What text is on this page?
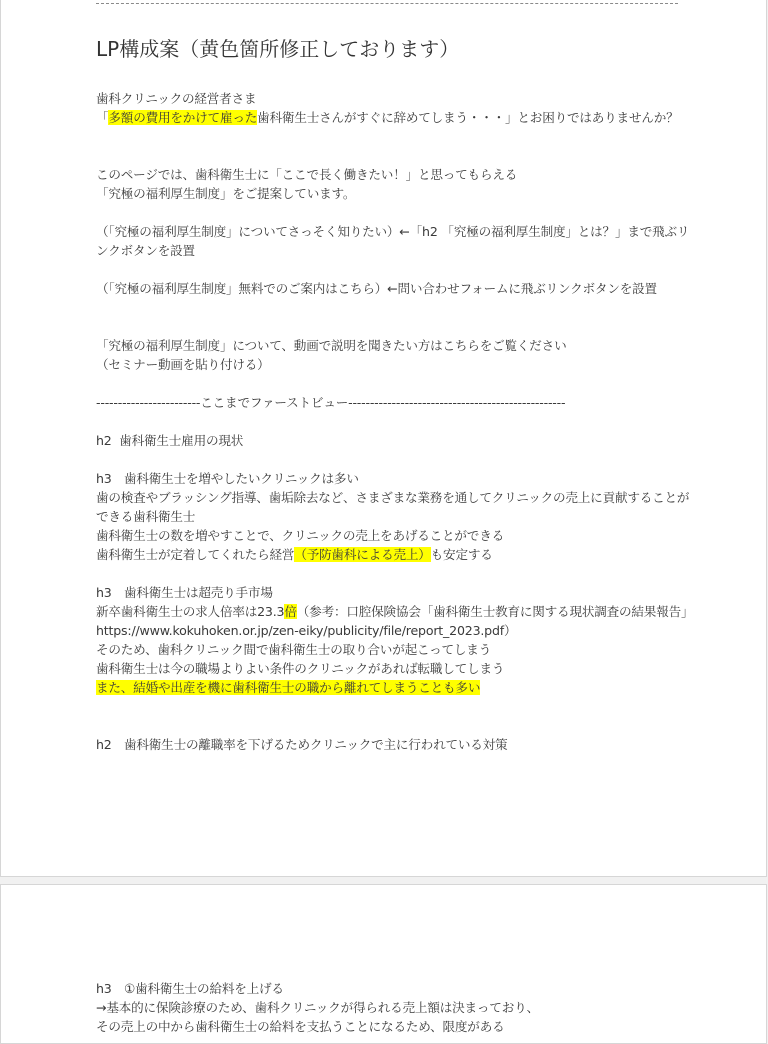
LP構成案（黄色箇所修正しております）
歯科クリニックの経営者さま
「多額の費用をかけて雇った歯科衛生士さんがすぐに辞めてしまう・・・」とお困りではありませんか？
このページでは、歯科衛生士に「ここで長く働きたい！」と思ってもらえる
「究極の福利厚生制度」をご提案しています。
（「究極の福利厚生制度」についてさっそく知りたい）←「h2 「究極の福利厚生制度」とは？」まで飛ぶリンクボタンを設置
（「究極の福利厚生制度」無料でのご案内はこちら）←問い合わせフォームに飛ぶリンクボタンを設置
「究極の福利厚生制度」について、動画で説明を聞きたい方はこちらをご覧ください
（セミナー動画を貼り付ける）
------------------------ここまでファーストビュー--------------------------------------------------
h2  歯科衛生士雇用の現状
h3　歯科衛生士を増やしたいクリニックは多い
歯の検査やブラッシング指導、歯垢除去など、さまざまな業務を通してクリニックの売上に貢献することができる歯科衛生士
歯科衛生士の数を増やすことで、クリニックの売上をあげることができる
歯科衛生士が定着してくれたら経営（予防歯科による売上）も安定する
h3　歯科衛生士は超売り手市場
新卒歯科衛生士の求人倍率は23.3倍（参考：口腔保険協会「歯科衛生士教育に関する現状調査の結果報告」https://www.kokuhoken.or.jp/zen-eiky/publicity/file/report_2023.pdf）
そのため、歯科クリニック間で歯科衛生士の取り合いが起こってしまう
歯科衛生士は今の職場よりよい条件のクリニックがあれば転職してしまう
また、結婚や出産を機に歯科衛生士の職から離れてしまうことも多い
h2　歯科衛生士の離職率を下げるためクリニックで主に行われている対策
h3　①歯科衛生士の給料を上げる
→基本的に保険診療のため、歯科クリニックが得られる売上額は決まっており、
その売上の中から歯科衛生士の給料を支払うことになるため、限度がある
